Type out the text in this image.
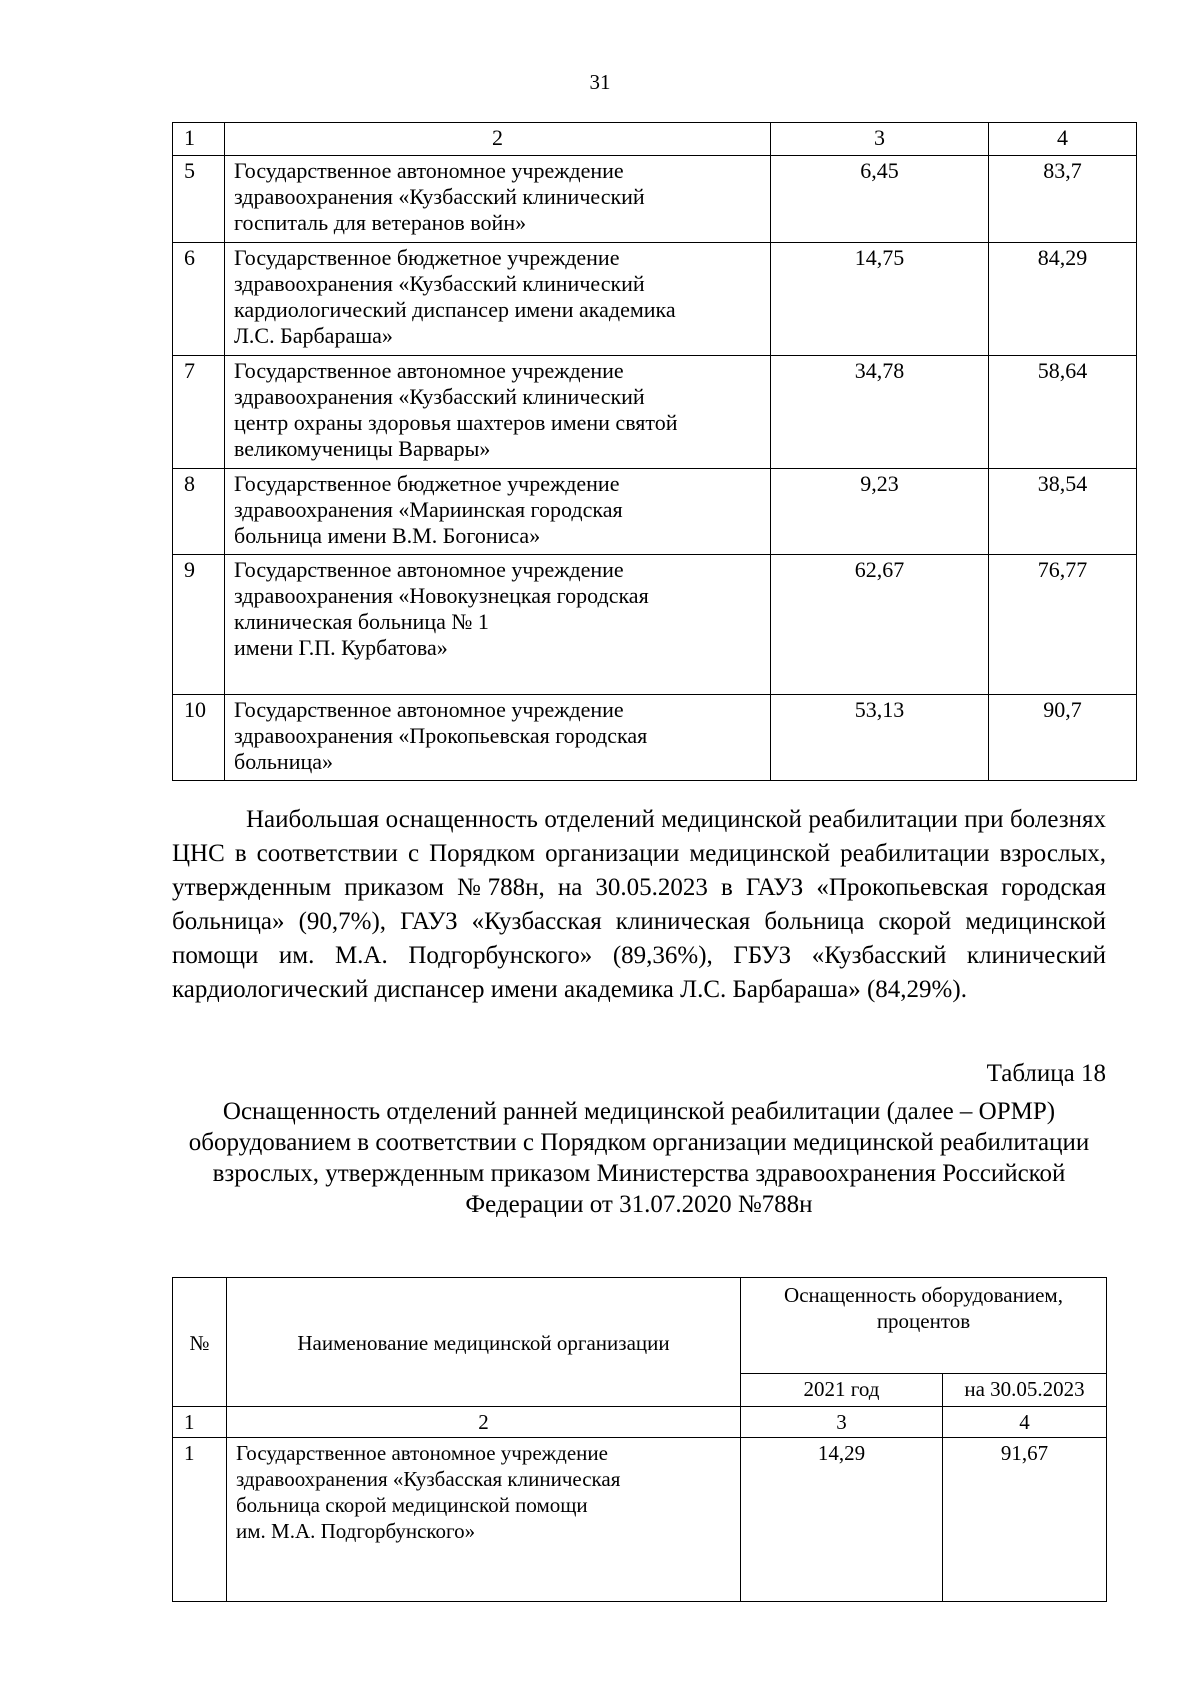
31
1	2	3	4
5	Государственное автономное учреждение
здравоохранения «Кузбасский клинический
госпиталь для ветеранов войн»	6,45	83,7
6	Государственное бюджетное учреждение
здравоохранения «Кузбасский клинический
кардиологический диспансер имени академика
Л.С. Барбараша»	14,75	84,29
7	Государственное автономное учреждение
здравоохранения «Кузбасский клинический
центр охраны здоровья шахтеров имени святой
великомученицы Варвары»	34,78	58,64
8	Государственное бюджетное учреждение
здравоохранения «Мариинская городская
больница имени В.М. Богониса»	9,23	38,54
9	Государственное автономное учреждение
здравоохранения «Новокузнецкая городская
клиническая больница № 1
имени Г.П. Курбатова»	62,67	76,77
10	Государственное автономное учреждение
здравоохранения «Прокопьевская городская
больница»	53,13	90,7

Наибольшая оснащенность отделений медицинской реабилитации при болезнях ЦНС в соответствии с Порядком организации медицинской реабилитации взрослых, утвержденным приказом №788н, на 30.05.2023 в ГАУЗ «Прокопьевская городская больница» (90,7%), ГАУЗ «Кузбасская клиническая больница скорой медицинской помощи им. М.А. Подгорбунского» (89,36%), ГБУЗ «Кузбасский клинический кардиологический диспансер имени академика Л.С. Барбараша» (84,29%).

Таблица 18

Оснащенность отделений ранней медицинской реабилитации (далее – ОРМР) оборудованием в соответствии с Порядком организации медицинской реабилитации взрослых, утвержденным приказом Министерства здравоохранения Российской Федерации от 31.07.2020 №788н

№	Наименование медицинской организации	Оснащенность оборудованием, процентов	
		2021 год	на 30.05.2023
1	2	3	4
1	Государственное автономное учреждение
здравоохранения «Кузбасская клиническая
больница скорой медицинской помощи
им. М.А. Подгорбунского»	14,29	91,67
